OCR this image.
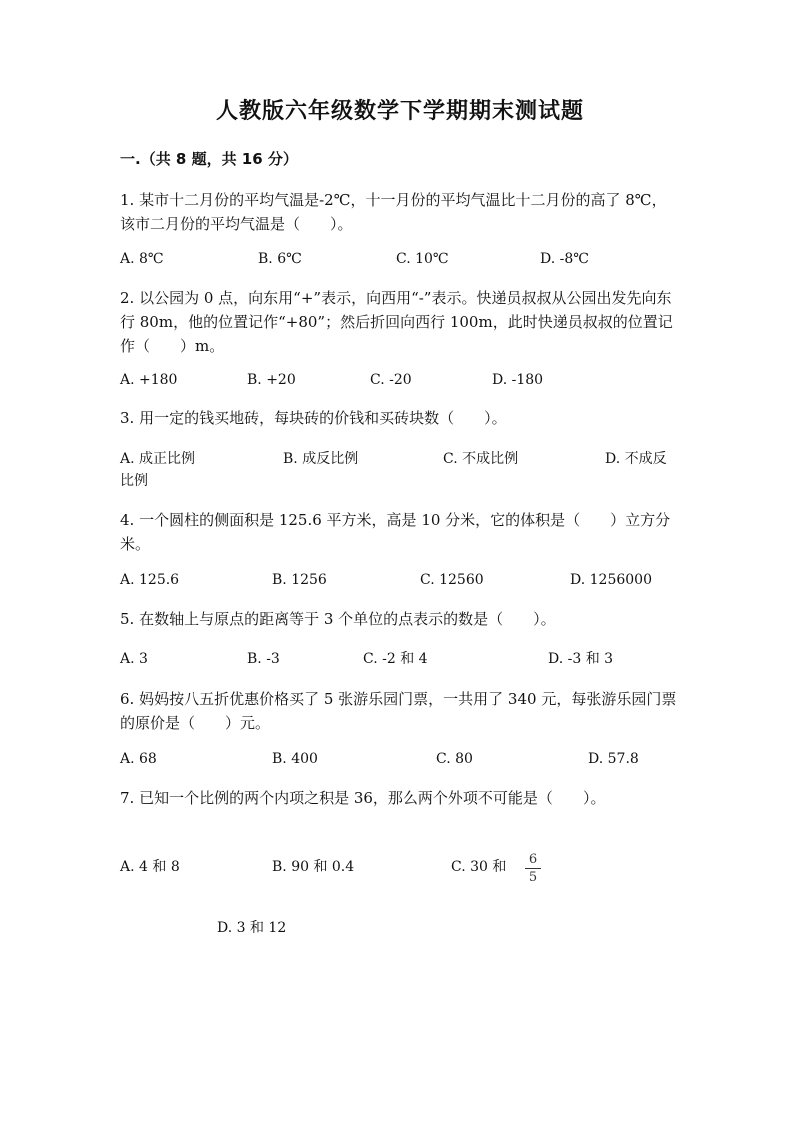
人教版六年级数学下学期期末测试题
一.（共 8 题，共 16 分）
1. 某市十二月份的平均气温是-2℃，十一月份的平均气温比十二月份的高了 8℃，该市二月份的平均气温是（　　）。
A. 8℃	B. 6℃	C. 10℃	D. -8℃
2. 以公园为 0 点，向东用“+”表示，向西用“-”表示。快递员叔叔从公园出发先向东行 80m，他的位置记作“+80”；然后折回向西行 100m，此时快递员叔叔的位置记作（　　）m。
A. +180	B. +20	C. -20	D. -180
3. 用一定的钱买地砖，每块砖的价钱和买砖块数（　　）。
A. 成正比例	B. 成反比例	C. 不成比例	D. 不成反
比例
4. 一个圆柱的侧面积是 125.6 平方米，高是 10 分米，它的体积是（　　）立方分米。
A. 125.6	B. 1256	C. 12560	D. 1256000
5. 在数轴上与原点的距离等于 3 个单位的点表示的数是（　　）。
A. 3	B. -3	C. -2 和 4	D. -3 和 3
6. 妈妈按八五折优惠价格买了 5 张游乐园门票，一共用了 340 元，每张游乐园门票的原价是（　　）元。
A. 68	B. 400	C. 80	D. 57.8
7. 已知一个比例的两个内项之积是 36，那么两个外项不可能是（　　）。
A. 4 和 8	B. 90 和 0.4	C. 30 和 6
5
D. 3 和 12
